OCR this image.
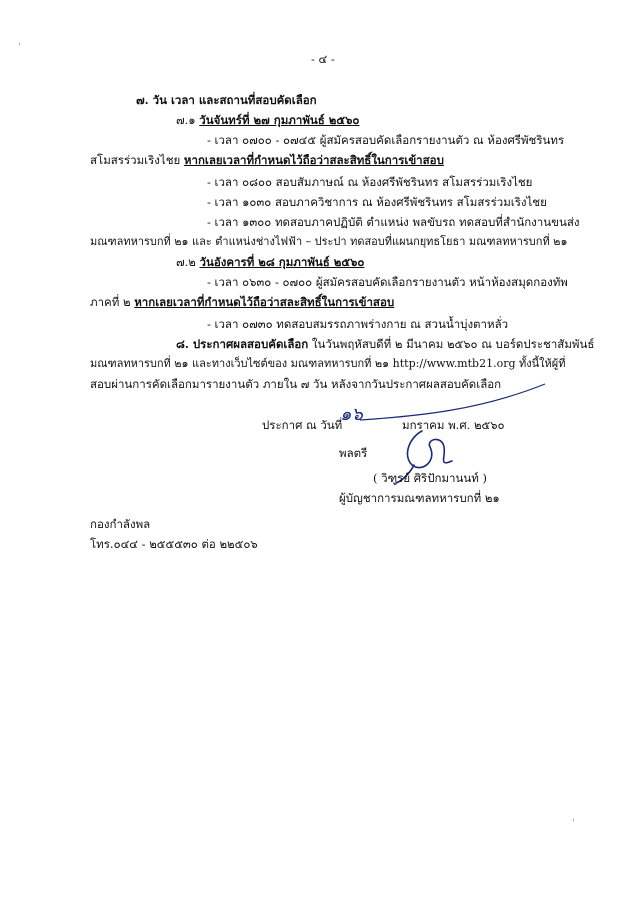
- ๔ -
๗. วัน เวลา และสถานที่สอบคัดเลือก
๗.๑ วันจันทร์ที่ ๒๗ กุมภาพันธ์ ๒๕๖๐
- เวลา ๐๗๐๐ - ๐๗๔๕ ผู้สมัครสอบคัดเลือกรายงานตัว ณ ห้องศรีพัชรินทร
สโมสรร่วมเริงไชย หากเลยเวลาที่กำหนดไว้ถือว่าสละสิทธิ์ในการเข้าสอบ
- เวลา ๐๘๐๐ สอบสัมภาษณ์ ณ ห้องศรีพัชรินทร สโมสรร่วมเริงไชย
- เวลา ๑๐๓๐ สอบภาควิชาการ ณ ห้องศรีพัชรินทร สโมสรร่วมเริงไชย
- เวลา ๑๓๐๐ ทดสอบภาคปฏิบัติ ตำแหน่ง พลขับรถ ทดสอบที่สำนักงานขนส่ง
มณฑลทหารบกที่ ๒๑ และ ตำแหน่งช่างไฟฟ้า – ประปา ทดสอบที่แผนกยุทธโยธา มณฑลทหารบกที่ ๒๑
๗.๒ วันอังคารที่ ๒๘ กุมภาพันธ์ ๒๕๖๐
- เวลา ๐๖๓๐ - ๐๗๐๐ ผู้สมัครสอบคัดเลือกรายงานตัว หน้าห้องสมุดกองทัพ
ภาคที่ ๒ หากเลยเวลาที่กำหนดไว้ถือว่าสละสิทธิ์ในการเข้าสอบ
- เวลา ๐๗๓๐ ทดสอบสมรรถภาพร่างกาย ณ สวนน้ำบุ่งตาหลั่ว
๘. ประกาศผลสอบคัดเลือก ในวันพฤหัสบดีที่ ๒ มีนาคม ๒๕๖๐ ณ บอร์ดประชาสัมพันธ์
มณฑลทหารบกที่ ๒๑ และทางเว็บไซต์ของ มณฑลทหารบกที่ ๒๑ http://www.mtb21.org ทั้งนี้ให้ผู้ที่
สอบผ่านการคัดเลือกมารายงานตัว ภายใน ๗ วัน หลังจากวันประกาศผลสอบคัดเลือก
ประกาศ ณ วันที่
๑๖	มกราคม พ.ศ. ๒๕๖๐
พลตรี
( วิฑูรย์ ศิริปักมานนท์ )
ผู้บัญชาการมณฑลทหารบกที่ ๒๑
กองกำลังพล
โทร.๐๔๔ - ๒๕๕๕๓๐ ต่อ ๒๒๕๐๖
,
'
